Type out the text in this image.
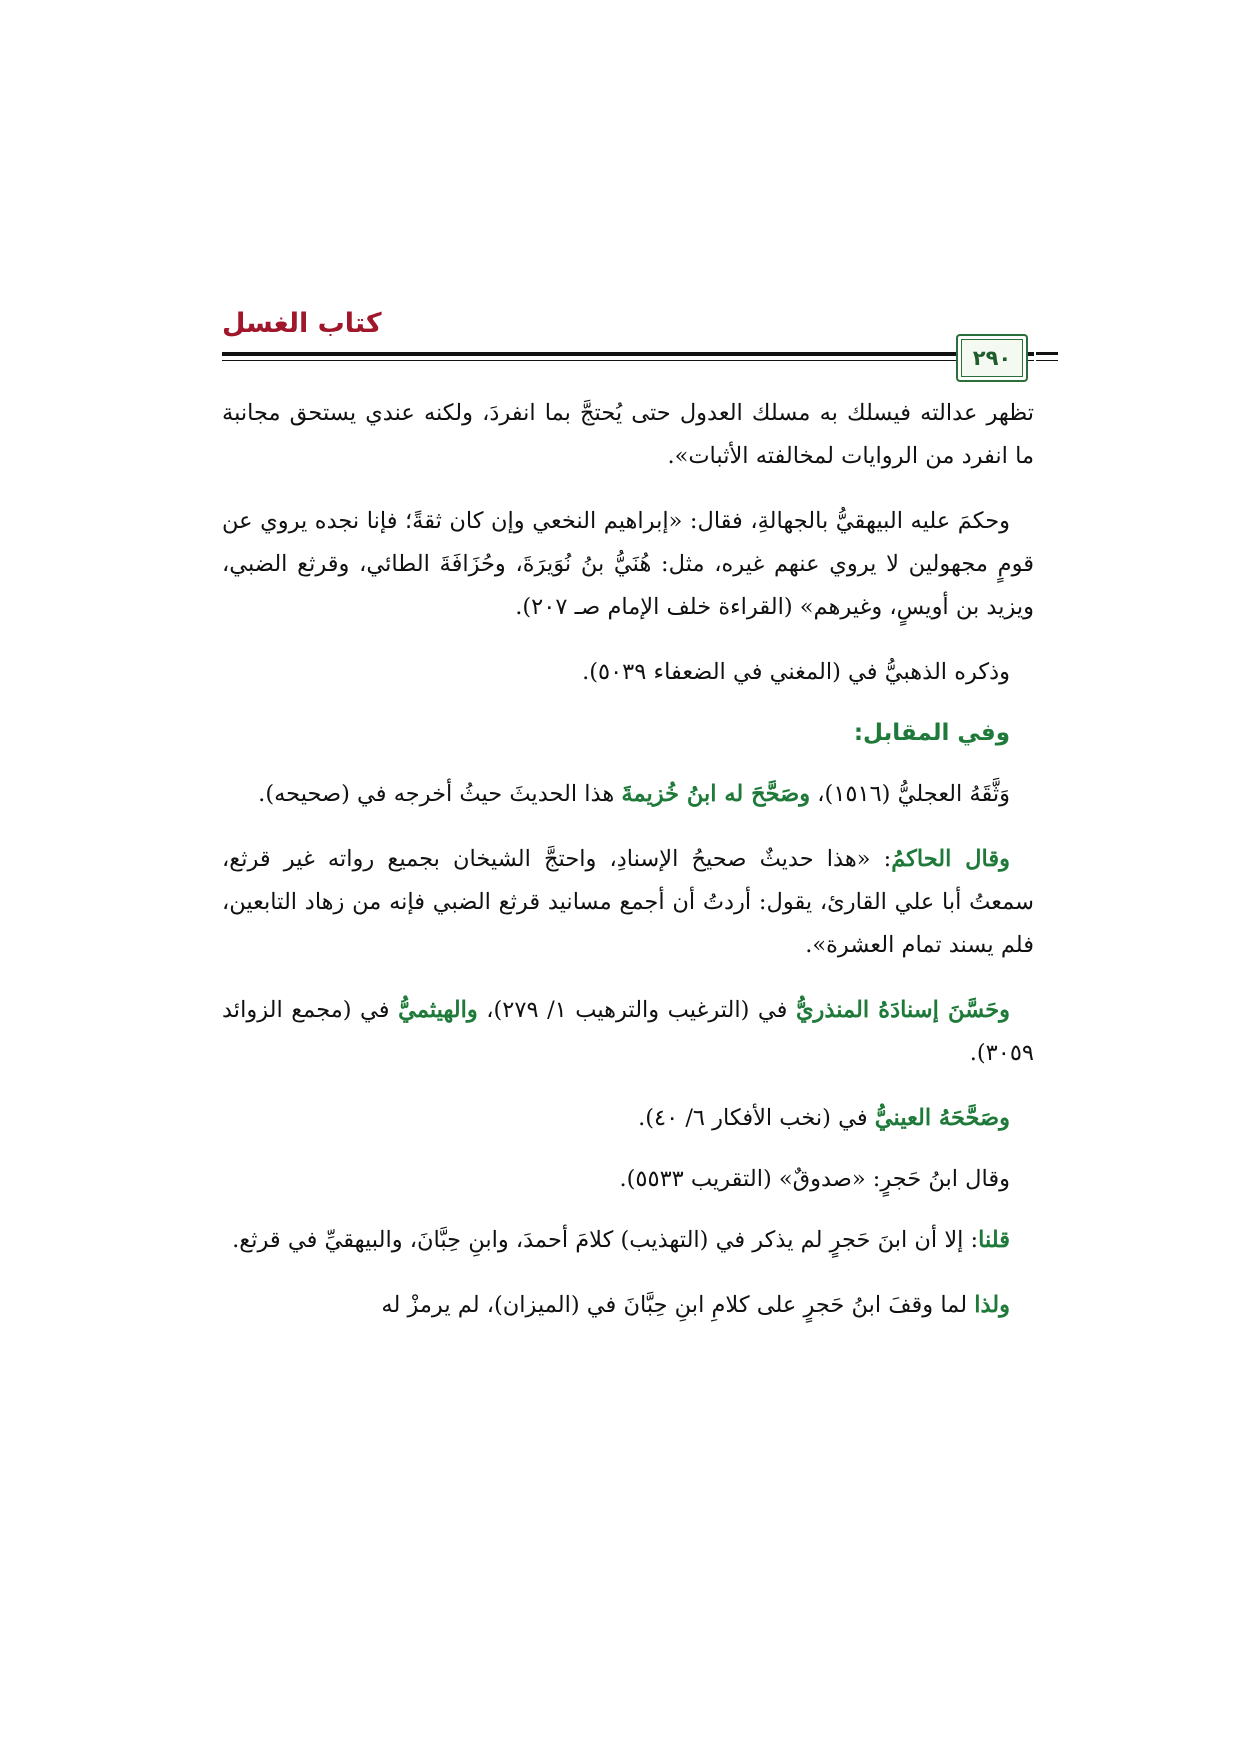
كتاب الغسل
٢٩٠

تظهر عدالته فيسلك به مسلك العدول حتى يُحتجَّ بما انفردَ، ولكنه عندي يستحق مجانبة ما انفرد من الروايات لمخالفته الأثبات».

وحكمَ عليه البيهقيُّ بالجهالةِ، فقال: «إبراهيم النخعي وإن كان ثقةً؛ فإنا نجده يروي عن قومٍ مجهولين لا يروي عنهم غيره، مثل: هُنَيُّ بنُ نُوَيرَةَ، وحُزَافَةَ الطائي، وقرثع الضبي، ويزيد بن أويسٍ، وغيرهم» (القراءة خلف الإمام صـ ٢٠٧).

وذكره الذهبيُّ في (المغني في الضعفاء ٥٠٣٩).

وفي المقابل:

وَثَّقَهُ العجليُّ (١٥١٦)، وصَحَّحَ له ابنُ خُزيمةَ هذا الحديثَ حيثُ أخرجه في (صحيحه).

وقال الحاكمُ: «هذا حديثٌ صحيحُ الإسنادِ، واحتجَّ الشيخان بجميع رواته غير قرثع، سمعتُ أبا علي القارئ، يقول: أردتُ أن أجمع مسانيد قرثع الضبي فإنه من زهاد التابعين، فلم يسند تمام العشرة».

وحَسَّنَ إسنادَهُ المنذريُّ في (الترغيب والترهيب ١/ ٢٧٩)، والهيثميُّ في (مجمع الزوائد ٣٠٥٩).

وصَحَّحَهُ العينيُّ في (نخب الأفكار ٦/ ٤٠).

وقال ابنُ حَجرٍ: «صدوقٌ» (التقريب ٥٥٣٣).

قلنا: إلا أن ابنَ حَجرٍ لم يذكر في (التهذيب) كلامَ أحمدَ، وابنِ حِبَّانَ، والبيهقيِّ في قرثع.

ولذا لما وقفَ ابنُ حَجرٍ على كلامِ ابنِ حِبَّانَ في (الميزان)، لم يرمزْ له
